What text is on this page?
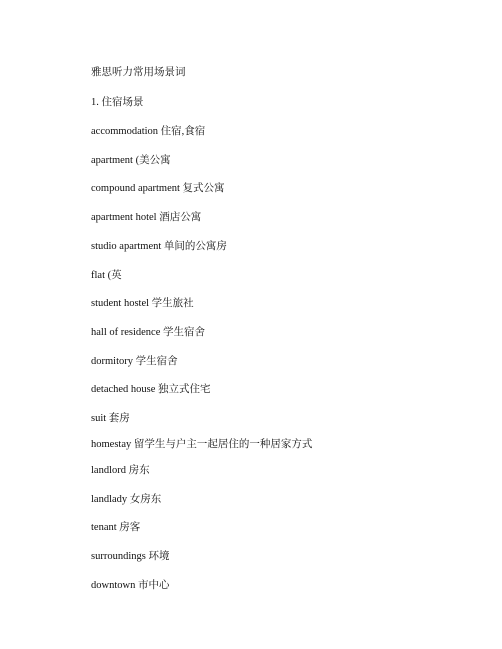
雅思听力常用场景词
1. 住宿场景
accommodation 住宿,食宿
apartment (美公寓
compound apartment 复式公寓
apartment hotel 酒店公寓
studio apartment 单间的公寓房
flat (英
student hostel 学生旅社
hall of residence 学生宿舍
dormitory 学生宿舍
detached house 独立式住宅
suit 套房
homestay 留学生与户主一起居住的一种居家方式
landlord 房东
landlady 女房东
tenant 房客
surroundings 环境
downtown 市中心
